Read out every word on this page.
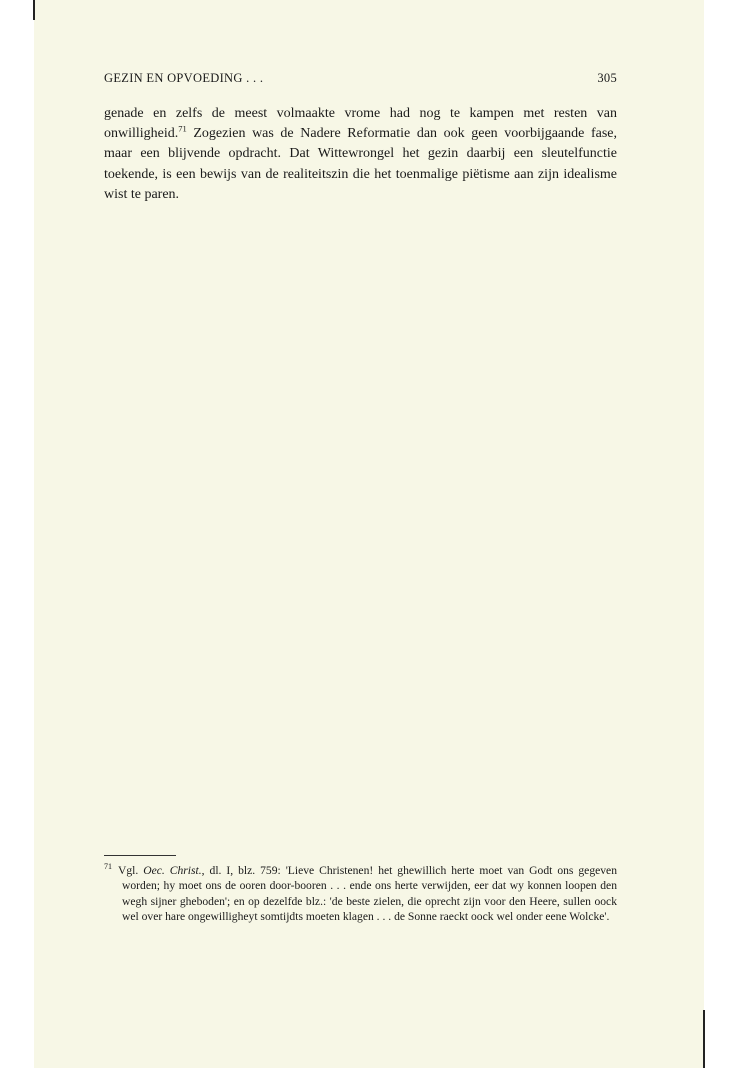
GEZIN EN OPVOEDING . . .	305

genade en zelfs de meest volmaakte vrome had nog te kampen met resten van onwilligheid.$^{71}$ Zogezien was de Nadere Reformatie dan ook geen voorbijgaande fase, maar een blijvende opdracht. Dat Wittewrongel het gezin daarbij een sleutelfunctie toekende, is een bewijs van de realiteitszin die het toenmalige piëtisme aan zijn idealisme wist te paren.

$^{71}$ Vgl. Oec. Christ., dl. I, blz. 759: 'Lieve Christenen! het ghewillich herte moet van Godt ons gegeven worden; hy moet ons de ooren door-booren . . . ende ons herte verwijden, eer dat wy konnen loopen den wegh sijner gheboden'; en op dezelfde blz.: 'de beste zielen, die oprecht zijn voor den Heere, sullen oock wel over hare ongewilligheyt somtijdts moeten klagen . . . de Sonne raeckt oock wel onder eene Wolcke'.
